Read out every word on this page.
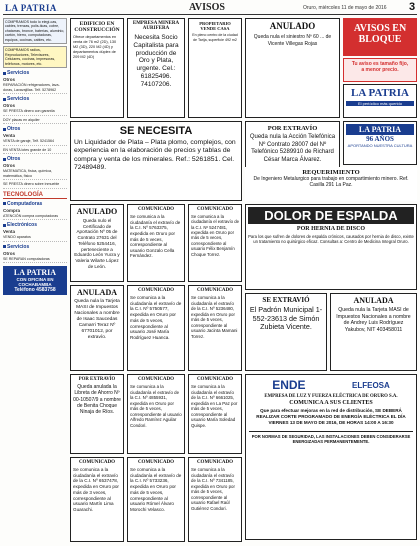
LA PATRIA	AVISOS	Oruro, miércoles 11 de mayo de 2016 3
COMPRAMOS todo lo elegi-cas, cables, trenzas, polis-ticas, cobre, chatarras, bronce, baterías, aluminio, cartón, hierro, computadoras, equipos, cocinas, cables, etc.
COMPRAMOS radios, Reproductores, Televisores, Celulares, cocinas, impresoras, teléfonos, motores, etc.
Servicios
Otros
REPARACIÓN refrigeradores, lava-doras, Lavavajillas. Telf. 5278962
Servicios
Otros
SE PRESTA dinero con garantía
DOY placas en alquiler
Otros
Venta
VENTA de garaje, Telf. 5241564
EN VENTA lotes grande de 10
Otros
Otros
MATEMATICA, física, química, matemática, físico
SE PRESTA dinero sobre inmueble
TECNOLOGÍA
Computadoras
Compra
ATENCIÓN compra computadoras
Electrónicos
Venta
VENDO aparatos
Servicios
Otros
SE REPARAN computadoras
LA PATRIA
CON OFICINA EN COCHABAMBA
Teléfono 4583758
EDIFICIO EN CONSTRUCCIÓN
Ofrece departamentos en venta de 76 m2 (2D), 130 M2 (3D), 220 M2 (4D) y departamentos dúplex de 209 M2 (4D)
EMPRESA MINERA AURIFERA
Necesita Socio Capitalista para producción de Oro y Plata, urgente. Cel.: 61825496. 74107206.
PROPIETARIO VENDE CASA
En pleno centro de la ciudad de Tarija, superficie 492 m2
ANULADO
Queda nula el siniestro Nº 60 ... de Vicente Villegas Rojas
AVISOS EN BLOQUE
Tu aviso es tamaño fijo,
a menor precio.
LA PATRIA
El periódico más querido
SE NECESITA
Un Liquidador de Plata – Plata plomo, complejos, con experiencia en la elaboración de precios y tablas de compra y venta de los minerales. Ref.: 5261851. Cel. 72489489.
POR EXTRAVÍO
Queda nula la Acción Telefónica Nº Contrato 28007 del Nº Telefónico 5289910 de Richard César Marca Álvarez.
LA PATRIA
96 AÑOS
APORTANDO NUESTRA CULTURA
REQUERIMIENTO
De Ingeniero Metalurgico para trabajo en compartimiento minero. Ref. Casilla 291 La Paz.
ANULADO
Queda nulo el Certificado de Aportación Nº 05 de Contrato 27631 del Teléfono 5254416, perteneciente a Eduardo León Yucra y Valeria Wilarte López de León.
COMUNICADO
Se comunica a la ciudadanía el extravío de la C.I. Nº 5763375, expedida en Oruro por más de 5 veces, correspondiente al usuario Gonzalo Cella Fernández.
COMUNICADO
Se comunica a la ciudadanía el extravío de la C.I. Nº 5247481, expedida en Oruro por más de 5 veces, correspondiente al usuario Félix Benjamín Choque Torrez.
DOLOR DE ESPALDA
POR HERNIA DE DISCO
Para los que sufren de dolores de espalda crónicos, causados por hernia de disco, existe un tratamiento no quirúrgico eficaz. Consultas a: Centro de Medicina Integral Oruro.
ANULADA
Queda nula la Tarjeta MASI de Impuestos Nacionales a nombre de Isaac Saucedas Camarri Teraz Nº 67701012, por extravío.
COMUNICADO
Se comunica a la ciudadanía el extravío de la C.I. Nº 5750577, expedida en Oruro por más de 5 veces, correspondiente al usuario José María Rodríguez Huanca.
COMUNICADO
Se comunica a la ciudadanía el extravío de la C.I. Nº 5236480, expedida en Oruro por más de 5 veces, correspondiente al usuario Jacinta Mamani Torrez.
SE EXTRAVIÓ
El Padrón Municipal 1-552-23613 de Simón Zubieta Vicente.
ANULADA
Queda nula la Tarjeta MASI de Impuestos Nacionales a nombre de Andrey Luis Rodríguez Yakubov, NIT 403458011
POR EXTRAVÍO
Queda anulada la Libreta de Ahorro Nº 00-10507/9 a nombre de Benita Choque Ninaja de Ríos.
COMUNICADO
Se comunica a la ciudadanía el extravío de la C.I. Nº 4855931, expedida en Oruro por más de 5 veces, correspondiente al usuario Alfredo Ramírez Aguilar Condori.
COMUNICADO
Se comunica a la ciudadanía el extravío de la C.I. Nº 6661025, expedida en La Paz por más de 5 veces, correspondiente al usuario María Soledad Quispe.
ENDE	ELFEOSA
EMPRESA DE LUZ Y FUERZA ELÉCTRICA DE ORURO S.A.
COMUNICA A SUS CLIENTES
Que para efectuar mejoras en la red de distribución, SE DEBERÁ REALIZAR CORTE PROGRAMADO DE ENERGÍA ELÉCTRICA EL DÍA VIERNES 13 DE MAYO DE 2016, DE HORAS 14:00 A 16:30
POR NORMAS DE SEGURIDAD, LAS INSTALACIONES DEBEN CONSIDERARSE ENERGIZADAS PERMANENTEMENTE.
COMUNICADO
Se comunica a la ciudadanía el extravío de la C.I. Nº 6537478, expedida en Oruro por más de 3 veces, correspondiente al usuario Martín Lima Guarachi.
COMUNICADO
Se comunica a la ciudadanía el extravío de la C.I. Nº 5733236, expedida en Oruro por más de 5 veces, correspondiente al usuario Rómel Álvaro Morochi Velasco.
COMUNICADO
Se comunica a la ciudadanía el extravío de la C.I. Nº 7341185, expedida en Oruro por más de 5 veces, correspondiente al usuario Rafael Raúl Gutiérrez Condori.
